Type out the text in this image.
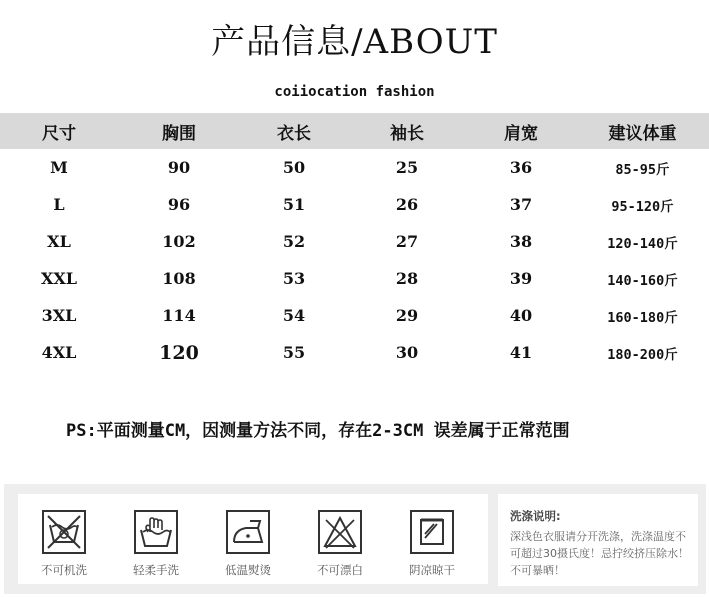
产品信息/ABOUT
coiiocation fashion
尺寸	胸围	衣长	袖长	肩宽	建议体重
M	90	50	25	36	85-95斤
L	96	51	26	37	95-120斤
XL	102	52	27	38	120-140斤
XXL	108	53	28	39	140-160斤
3XL	114	54	29	40	160-180斤
4XL	120	55	30	41	180-200斤
PS:平面测量CM，因测量方法不同，存在2-3CM 误差属于正常范围
不可机洗	轻柔手洗	低温熨烫	不可漂白	阴凉晾干
洗涤说明:
深浅色衣服请分开洗涤，洗涤温度不可超过30摄氏度！忌拧绞挤压除水！不可暴晒！
